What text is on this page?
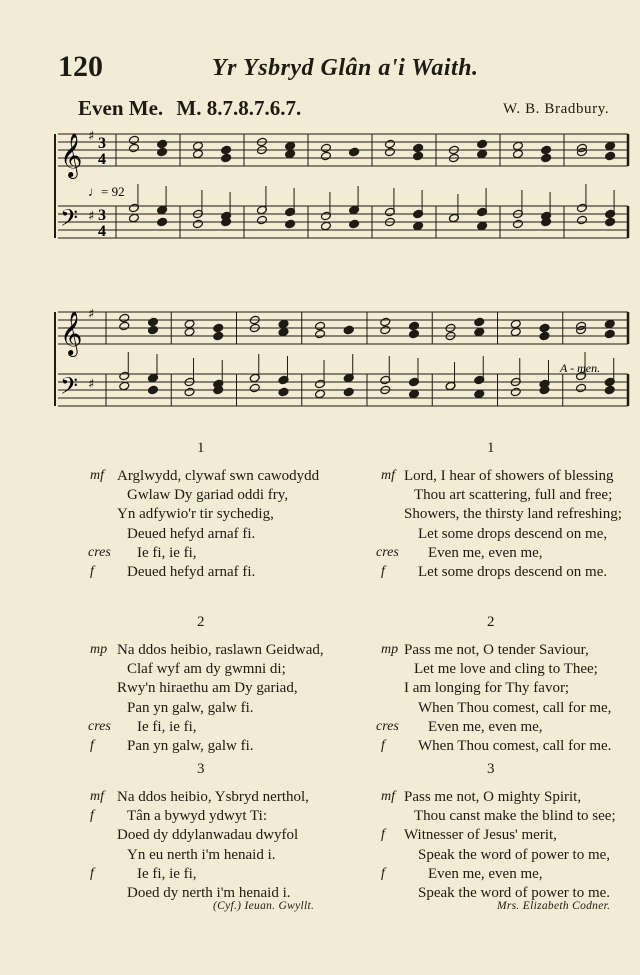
120	Yr Ysbryd Glân a'i Waith.
Even Me. M. 8.7.8.7.6.7.	W. B. Bradbury.
𝄞
𝄢
♯
♯
3
4
3
4
𝄞
𝄢
♯
♯
♩= 92
A - men.
1
Arglwydd, clywaf swn cawodydd
mf
Gwlaw Dy gariad oddi fry,
Yn adfywio'r tir sychedig,
Deued hefyd arnaf fi.
Ie fi, ie fi,
cres
Deued hefyd arnaf fi.
f
2
Na ddos heibio, raslawn Geidwad,
mp
Claf wyf am dy gwmni di;
Rwy'n hiraethu am Dy gariad,
Pan yn galw, galw fi.
Ie fi, ie fi,
cres
Pan yn galw, galw fi.
f
3
Na ddos heibio, Ysbryd nerthol,
mf
Tân a bywyd ydwyt Ti:
f
Doed dy ddylanwadau dwyfol
Yn eu nerth i'm henaid i.
Ie fi, ie fi,
f
Doed dy nerth i'm henaid i.
1
Lord, I hear of showers of blessing
mf
Thou art scattering, full and free;
Showers, the thirsty land refreshing;
Let some drops descend on me,
Even me, even me,
cres
Let some drops descend on me.
f
2
Pass me not, O tender Saviour,
mp
Let me love and cling to Thee;
I am longing for Thy favor;
When Thou comest, call for me,
Even me, even me,
cres
When Thou comest, call for me.
f
3
Pass me not, O mighty Spirit,
mf
Thou canst make the blind to see;
Witnesser of Jesus' merit,
f
Speak the word of power to me,
Even me, even me,
f
Speak the word of power to me.
(Cyf.) Ieuan. Gwyllt.	Mrs. Elizabeth Codner.
